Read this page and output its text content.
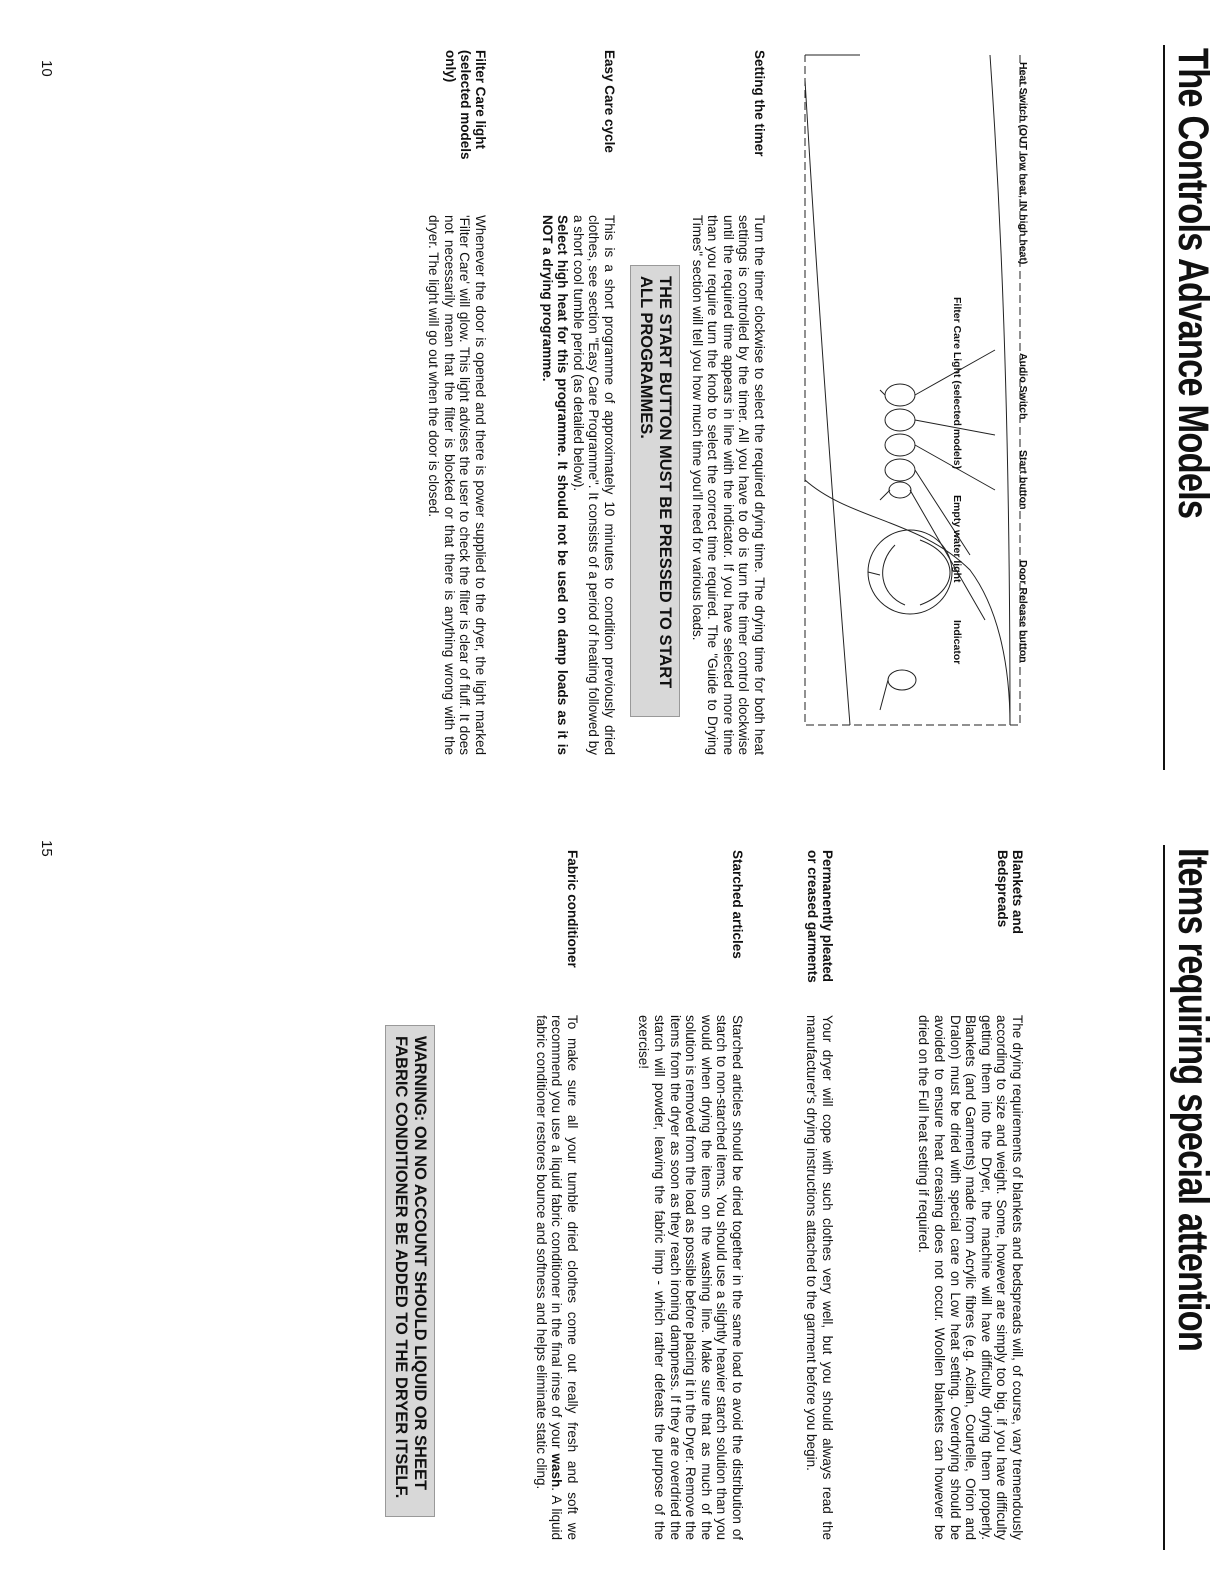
The Controls Advance Models
Filter Care Light (selected models)
Empty water light
Indicator
Heat Switch (OUT low heat, IN high heat)
Audio Switch
Start button
Door Release button
Setting the timer
Turn the timer clockwise to select the required drying time. The drying time for both heat settings is controlled by the timer. All you have to do is turn the timer control clockwise until the required time appears in line with the indicator. If you have selected more time than you require turn the knob to select the correct time required. The "Guide to Drying Times" section will tell you how much time you'll need for various loads.
THE START BUTTON MUST BE PRESSED TO START ALL PROGRAMMES.
Easy Care cycle

This is a short programme of approximately 10 minutes to condition previously dried clothes, see section "Easy Care Programme". It consists of a period of heating followed by a short cool tumble period (as detailed below).

Select high heat for this programme. It should not be used on damp loads as it is NOT a drying programme.

Filter Care light (selected models only)
Whenever the door is opened and there is power supplied to the dryer, the light marked 'Filter Care' will glow. This light advises the user to check the filter is clear of fluff. It does not necessarily mean that the filter is blocked or that there is anything wrong with the dryer. The light will go out when the door is closed.
10
Items requiring special attention
Blankets and Bedspreads
The drying requirements of blankets and bedspreads will, of course, vary tremendously according to size and weight. Some, however are simply too big. if you have difficulty getting them into the Dryer, the machine will have difficulty drying them properly. Blankets (and Garments) made from Acrylic fibres (e.g. Acilan, Courtelle, Orion and Dralon) must be dried with special care on Low heat setting. Overdrying should be avoided to ensure heat creasing does not occur. Woollen blankets can however be dried on the Full heat setting if required.
Permanently pleated or creased garments
Your dryer will cope with such clothes very well, but you should always read the manufacturer's drying instructions attached to the garment before you begin.
Starched articles
Starched articles should be dried together in the same load to avoid the distribution of starch to non-starched items. You should use a slightly heavier starch solution than you would when drying the items on the washing line. Make sure that as much of the solution is removed from the load as possible before placing it in the Dryer. Remove the items from the dryer as soon as they reach ironing dampness. If they are overdried the starch will powder, leaving the fabric limp - which rather defeats the purpose of the exercise!
Fabric conditioner

To make sure all your tumble dried clothes come out really fresh and soft we recommend you use a liquid fabric conditioner in the final rinse of your wash. A liquid fabric conditioner restores bounce and softness and helps eliminate static cling.

WARNING: ON NO ACCOUNT SHOULD LIQUID OR SHEET FABRIC CONDITIONER BE ADDED TO THE DRYER ITSELF.
15
